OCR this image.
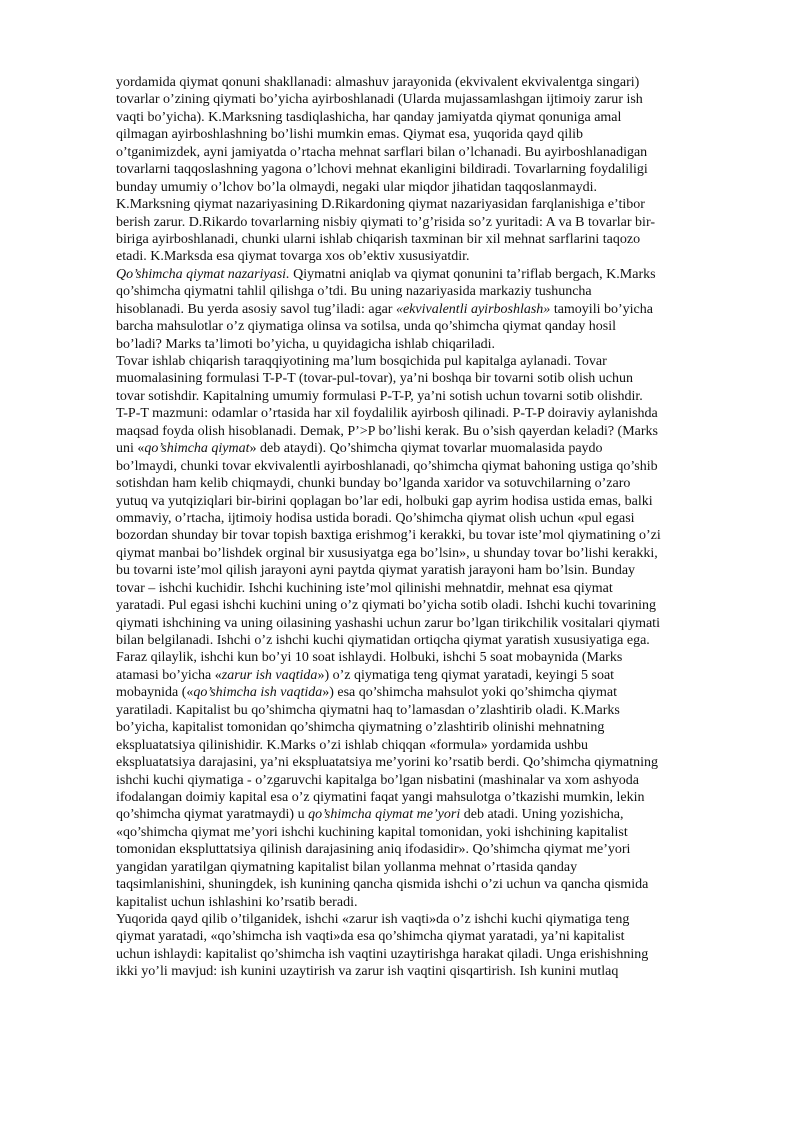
yordamida qiymat qonuni shakllanadi: almashuv jarayonida (ekvivalent ekvivalentga singari)
tovarlar o’zining qiymati bo’yicha ayirboshlanadi (Ularda mujassamlashgan ijtimoiy zarur ish
vaqti bo’yicha). K.Marksning tasdiqlashicha, har qanday jamiyatda qiymat qonuniga amal
qilmagan ayirboshlashning bo’lishi mumkin emas. Qiymat esa, yuqorida qayd qilib
o’tganimizdek, ayni jamiyatda o’rtacha mehnat sarflari bilan o’lchanadi. Bu ayirboshlanadigan
tovarlarni taqqoslashning yagona o’lchovi mehnat ekanligini bildiradi. Tovarlarning foydaliligi
bunday umumiy o’lchov bo’la olmaydi, negaki ular miqdor jihatidan taqqoslanmaydi.
K.Marksning qiymat nazariyasining D.Rikardoning qiymat nazariyasidan farqlanishiga e’tibor
berish zarur. D.Rikardo tovarlarning nisbiy qiymati to’g’risida so’z yuritadi: A va B tovarlar bir-
biriga ayirboshlanadi, chunki ularni ishlab chiqarish taxminan bir xil mehnat sarflarini taqozo
etadi. K.Marksda esa qiymat tovarga xos ob’ektiv xususiyatdir.
Qo’shimcha qiymat nazariyasi. Qiymatni aniqlab va qiymat qonunini ta’riflab bergach, K.Marks
qo’shimcha qiymatni tahlil qilishga o’tdi. Bu uning nazariyasida markaziy tushuncha
hisoblanadi. Bu yerda asosiy savol tug’iladi: agar «ekvivalentli ayirboshlash» tamoyili bo’yicha
barcha mahsulotlar o’z qiymatiga olinsa va sotilsa, unda qo’shimcha qiymat qanday hosil
bo’ladi? Marks ta’limoti bo’yicha, u quyidagicha ishlab chiqariladi.
Tovar ishlab chiqarish taraqqiyotining ma’lum bosqichida pul kapitalga aylanadi. Tovar
muomalasining formulasi T-P-T (tovar-pul-tovar), ya’ni boshqa bir tovarni sotib olish uchun
tovar sotishdir. Kapitalning umumiy formulasi P-T-P, ya’ni sotish uchun tovarni sotib olishdir.
T-P-T mazmuni: odamlar o’rtasida har xil foydalilik ayirbosh qilinadi. P-T-P doiraviy aylanishda
maqsad foyda olish hisoblanadi. Demak, P’>P bo’lishi kerak. Bu o’sish qayerdan keladi? (Marks
uni «qo’shimcha qiymat» deb ataydi). Qo’shimcha qiymat tovarlar muomalasida paydo
bo’lmaydi, chunki tovar ekvivalentli ayirboshlanadi, qo’shimcha qiymat bahoning ustiga qo’shib
sotishdan ham kelib chiqmaydi, chunki bunday bo’lganda xaridor va sotuvchilarning o’zaro
yutuq va yutqiziqlari bir-birini qoplagan bo’lar edi, holbuki gap ayrim hodisa ustida emas, balki
ommaviy, o’rtacha, ijtimoiy hodisa ustida boradi. Qo’shimcha qiymat olish uchun «pul egasi
bozordan shunday bir tovar topish baxtiga erishmog’i kerakki, bu tovar iste’mol qiymatining o’zi
qiymat manbai bo’lishdek orginal bir xususiyatga ega bo’lsin», u shunday tovar bo’lishi kerakki,
bu tovarni iste’mol qilish jarayoni ayni paytda qiymat yaratish jarayoni ham bo’lsin. Bunday
tovar – ishchi kuchidir. Ishchi kuchining iste’mol qilinishi mehnatdir, mehnat esa qiymat
yaratadi. Pul egasi ishchi kuchini uning o’z qiymati bo’yicha sotib oladi. Ishchi kuchi tovarining
qiymati ishchining va uning oilasining yashashi uchun zarur bo’lgan tirikchilik vositalari qiymati
bilan belgilanadi. Ishchi o’z ishchi kuchi qiymatidan ortiqcha qiymat yaratish xususiyatiga ega.
Faraz qilaylik, ishchi kun bo’yi 10 soat ishlaydi. Holbuki, ishchi 5 soat mobaynida (Marks
atamasi bo’yicha «zarur ish vaqtida») o’z qiymatiga teng qiymat yaratadi, keyingi 5 soat
mobaynida («qo’shimcha ish vaqtida») esa qo’shimcha mahsulot yoki qo’shimcha qiymat
yaratiladi. Kapitalist bu qo’shimcha qiymatni haq to’lamasdan o’zlashtirib oladi. K.Marks
bo’yicha, kapitalist tomonidan qo’shimcha qiymatning o’zlashtirib olinishi mehnatning
ekspluatatsiya qilinishidir. K.Marks o’zi ishlab chiqqan «formula» yordamida ushbu
ekspluatatsiya darajasini, ya’ni ekspluatatsiya me’yorini ko’rsatib berdi. Qo’shimcha qiymatning
ishchi kuchi qiymatiga - o’zgaruvchi kapitalga bo’lgan nisbatini (mashinalar va xom ashyoda
ifodalangan doimiy kapital esa o’z qiymatini faqat yangi mahsulotga o’tkazishi mumkin, lekin
qo’shimcha qiymat yaratmaydi) u qo’shimcha qiymat me’yori deb atadi. Uning yozishicha,
«qo’shimcha qiymat me’yori ishchi kuchining kapital tomonidan, yoki ishchining kapitalist
tomonidan ekspluttatsiya qilinish darajasining aniq ifodasidir». Qo’shimcha qiymat me’yori
yangidan yaratilgan qiymatning kapitalist bilan yollanma mehnat o’rtasida qanday
taqsimlanishini, shuningdek, ish kunining qancha qismida ishchi o’zi uchun va qancha qismida
kapitalist uchun ishlashini ko’rsatib beradi.
Yuqorida qayd qilib o’tilganidek, ishchi «zarur ish vaqti»da o’z ishchi kuchi qiymatiga teng
qiymat yaratadi, «qo’shimcha ish vaqti»da esa qo’shimcha qiymat yaratadi, ya’ni kapitalist
uchun ishlaydi: kapitalist qo’shimcha ish vaqtini uzaytirishga harakat qiladi. Unga erishishning
ikki yo’li mavjud: ish kunini uzaytirish va zarur ish vaqtini qisqartirish. Ish kunini mutlaq
